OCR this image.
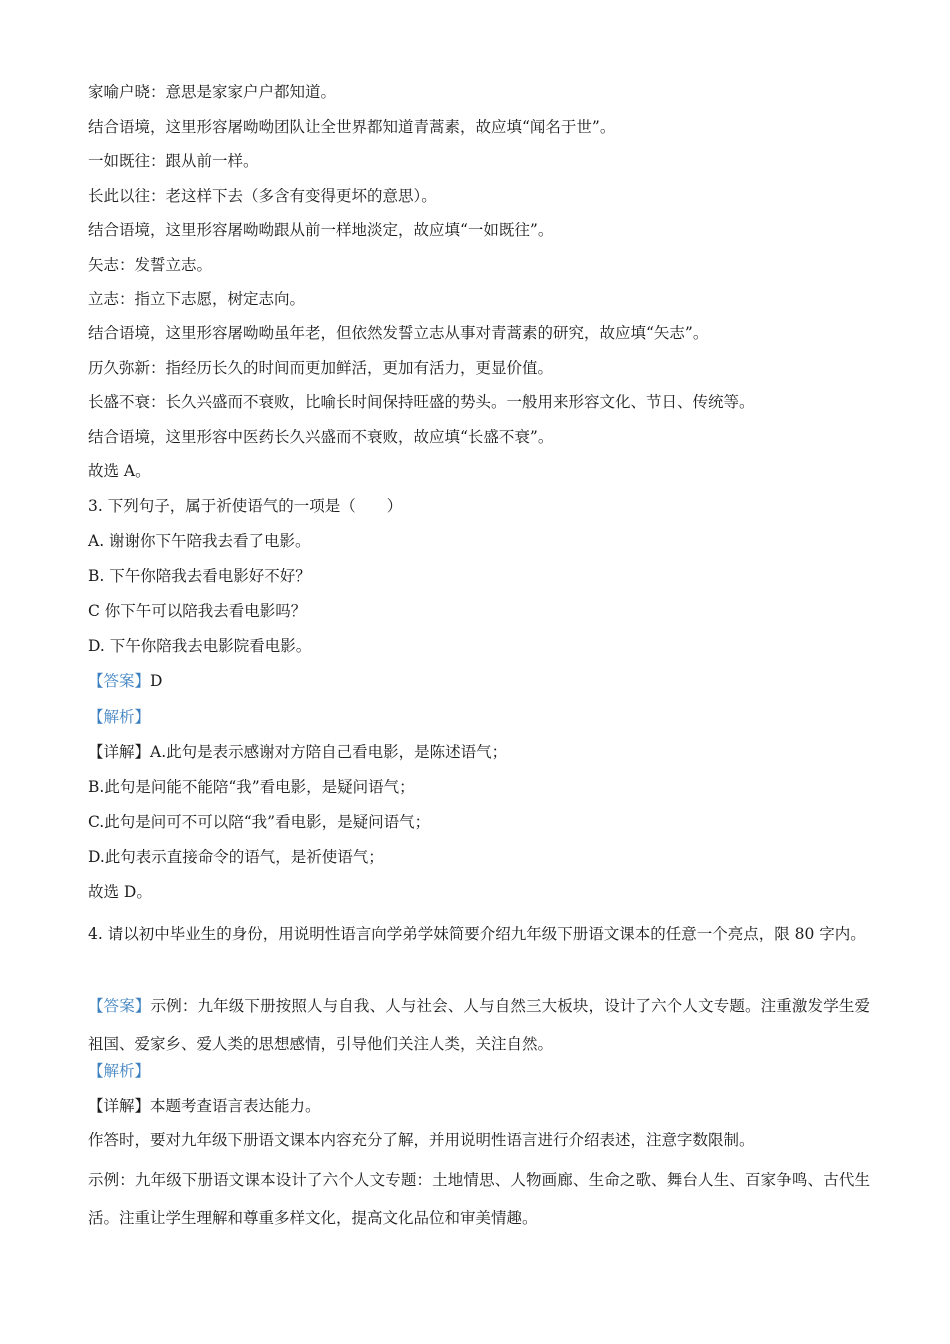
家喻户晓：意思是家家户户都知道。
结合语境，这里形容屠呦呦团队让全世界都知道青蒿素，故应填“闻名于世”。
一如既往：跟从前一样。
长此以往：老这样下去（多含有变得更坏的意思）。
结合语境，这里形容屠呦呦跟从前一样地淡定，故应填“一如既往”。
矢志：发誓立志。
立志：指立下志愿，树定志向。
结合语境，这里形容屠呦呦虽年老，但依然发誓立志从事对青蒿素的研究，故应填“矢志”。
历久弥新：指经历长久的时间而更加鲜活，更加有活力，更显价值。
长盛不衰：长久兴盛而不衰败，比喻长时间保持旺盛的势头。一般用来形容文化、节日、传统等。
结合语境，这里形容中医药长久兴盛而不衰败，故应填“长盛不衰”。
故选 A。
3. 下列句子，属于祈使语气的一项是（　　）
A. 谢谢你下午陪我去看了电影。
B. 下午你陪我去看电影好不好？
C 你下午可以陪我去看电影吗？
D. 下午你陪我去电影院看电影。
【答案】D
【解析】
【详解】A.此句是表示感谢对方陪自己看电影，是陈述语气；
B.此句是问能不能陪“我”看电影，是疑问语气；
C.此句是问可不可以陪“我”看电影，是疑问语气；
D.此句表示直接命令的语气，是祈使语气；
故选 D。
4. 请以初中毕业生的身份，用说明性语言向学弟学妹简要介绍九年级下册语文课本的任意一个亮点，限 80 字内。
【答案】示例：九年级下册按照人与自我、人与社会、人与自然三大板块，设计了六个人文专题。注重激发学生爱祖国、爱家乡、爱人类的思想感情，引导他们关注人类，关注自然。
【解析】
【详解】本题考查语言表达能力。
作答时，要对九年级下册语文课本内容充分了解，并用说明性语言进行介绍表述，注意字数限制。
示例：九年级下册语文课本设计了六个人文专题：土地情思、人物画廊、生命之歌、舞台人生、百家争鸣、古代生活。注重让学生理解和尊重多样文化，提高文化品位和审美情趣。
